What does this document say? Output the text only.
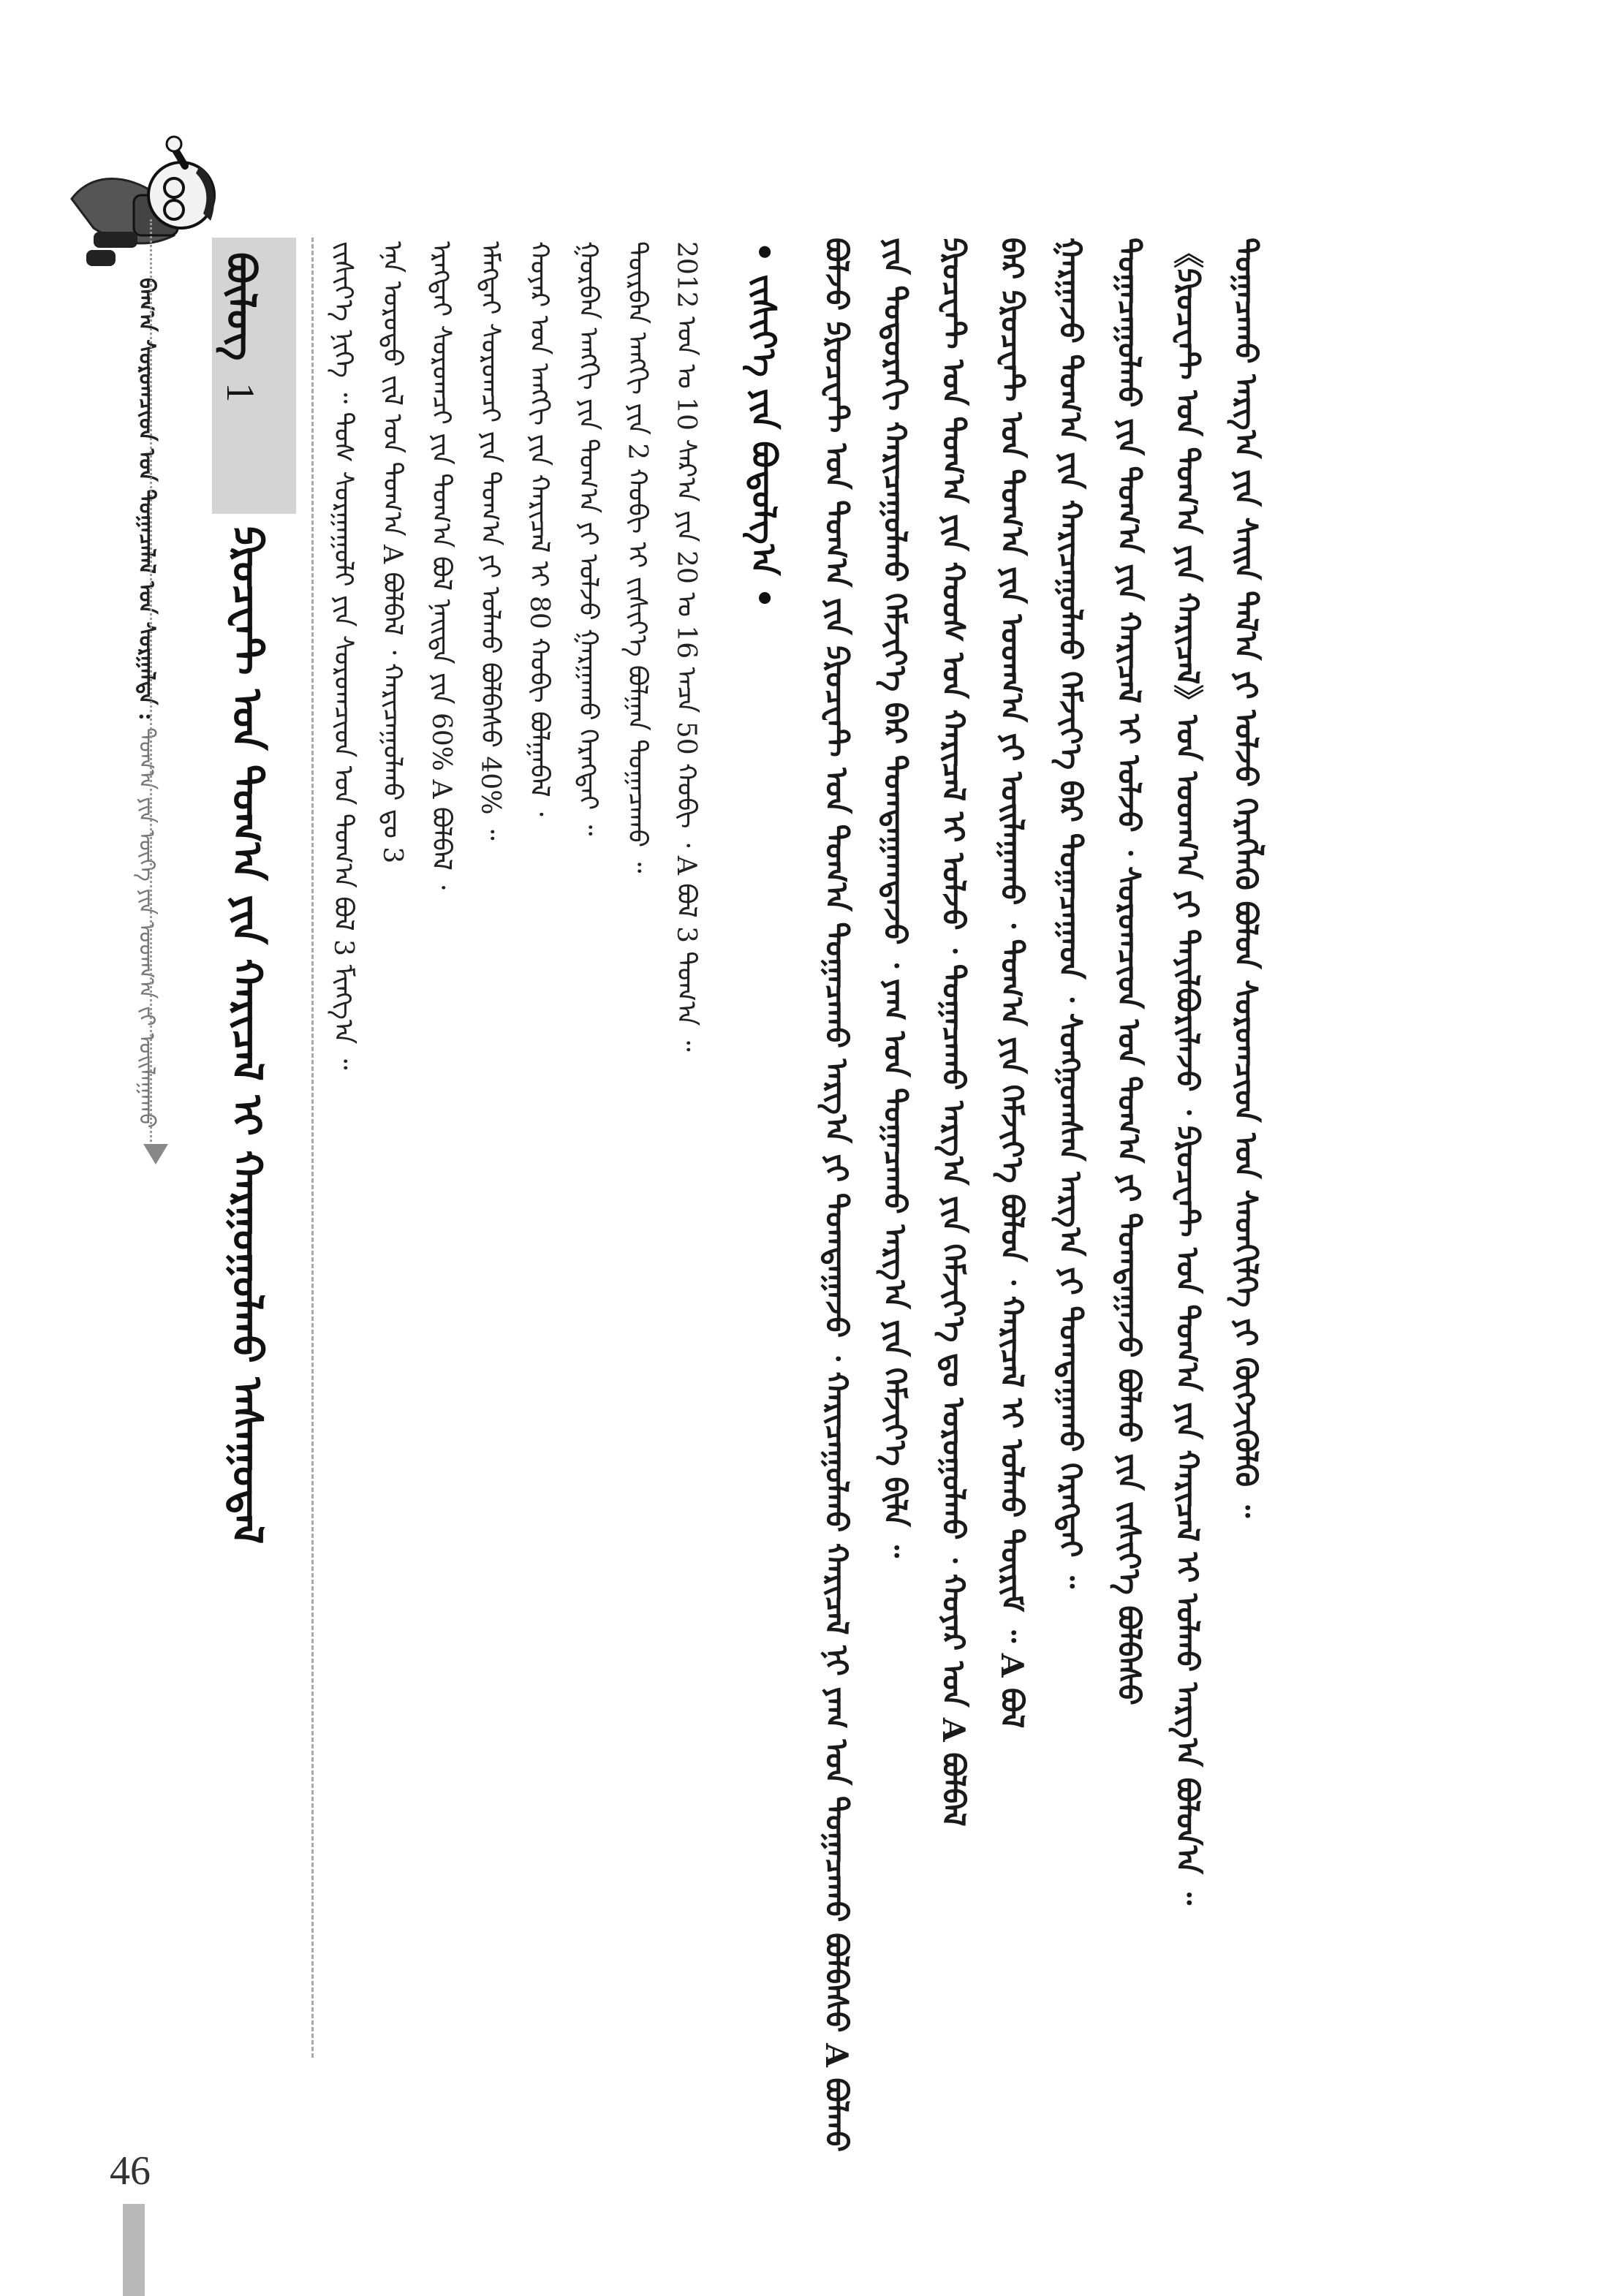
ᠪᠠᠭ᠎ᠠ ᠰᠤᠷᠤᠭᠴᠢᠳ ᠤᠨ ᠲᠤᠭᠠᠴᠠᠯᠠᠯ ᠤᠨ ᠰᠤᠷᠭᠠᠯᠲᠠ : ᠲᠤᠭ᠎ᠠ ᠶᠢᠨ ᠦᠭᠡ ᠶᠢᠨ ᠤᠳᠬ᠎ᠠ ᠵᠢ ᠣᠢᠯᠠᠭᠠᠬᠤ
ᠪᠦᠯᠦᠭ1
ᠫᠷᠤᠴᠧᠨᠲ ᠤᠨ ᠲᠣᠭ᠎ᠠ ᠶᠢᠨ ᠬᠠᠷᠢᠴᠠᠯ ᠢ ᠬᠠᠷᠭᠤᠭᠤᠯᠬᠤ ᠠᠰᠠᠭᠤᠳᠠᠯ	ᠵᠢᠱᠢᠶ᠎ᠡ ᠨᠢᠭᠡ ᠃ ᠲᠤᠰ ᠰᠤᠷᠭᠠᠭᠤᠯᠢ ᠶᠢᠨ ᠰᠤᠷᠤᠭᠴᠢᠳ ᠤᠨ ᠲᠣᠭ᠎ᠠ ᠪᠣᠯ 3 ᠮᠢᠩᠭ᠎ᠠ ᠃ ᠡᠨᠡ ᠤᠷᠤᠳᠤ ᠵᠢᠯ ᠤᠨ ᠲᠣᠭ᠎ᠠ A ᠪᠣᠯᠪᠠᠯ ᠂ ᠬᠠᠷᠢᠴᠠᠭᠤᠯᠬᠤ ᠳᠤ 3 ᠡᠷᠡᠭᠲᠡᠢ ᠰᠤᠷᠤᠭᠴᠢ ᠶᠢᠨ ᠲᠣᠭ᠎ᠠ ᠪᠣᠯ ᠨᠡᠢᠲᠡ ᠶᠢᠨ 60% A ᠪᠣᠯᠪᠠᠯ ᠂ ᠡᠮᠡᠭᠲᠡᠢ ᠰᠤᠷᠤᠭᠴᠢ ᠶᠢᠨ ᠲᠣᠭ᠎ᠠ ᠶᠢ ᠣᠯᠬᠤ ᠪᠣᠯᠪᠠᠰᠤ 40% ᠃ ᠬᠣᠶᠠᠷ ᠤᠨ ᠠᠩᠬᠢ ᠶᠢᠨ ᠬᠠᠷᠢᠴᠠᠯ ᠢ 80 ᠬᠤᠪᠢ ᠪᠣᠯᠭᠠᠪᠠᠯ ᠂ ᠭᠤᠷᠪᠠᠨ ᠠᠩᠬᠢ ᠶᠢᠨ ᠲᠣᠭ᠎ᠠ ᠶᠢ ᠣᠯᠵᠤ ᠭᠠᠷᠭᠠᠬᠤ ᠬᠡᠷᠡᠭᠲᠡᠢ ᠃ ᠳᠥᠷᠪᠡᠨ ᠠᠩᠬᠢ ᠶᠢᠨ 2 ᠬᠤᠪᠢ ᠢ ᠵᠢᠱᠢᠶ᠎ᠡ ᠪᠣᠯᠭᠠᠨ ᠲᠣᠭᠠᠴᠠᠬᠤ ᠃ 2012 ᠣᠨ ᠤ 10 ᠰᠠᠷ᠎ᠠ ᠶᠢᠨ 20 ᠤ 16 ᠠᠴᠠ 50 ᠬᠤᠪᠢ ᠂ A ᠪᠣᠯ 3 ᠲᠣᠭ᠎ᠠ ᠃	• ᠵᠢᠱᠢᠶ᠎ᠡ ᠶᠢᠨ ᠪᠤᠳᠤᠯᠭ᠎ᠠ •	ᠪᠣᠯᠵᠤ ᠫᠷᠤᠴᠧᠨᠲ ᠤᠨ ᠲᠣᠭ᠎ᠠ ᠶᠢᠨ ᠫᠷᠤᠴᠧᠨᠲ ᠤᠨ ᠲᠣᠭ᠎ᠠ ᠲᠣᠭᠠᠴᠠᠬᠤ ᠠᠷᠭ᠎ᠠ ᠶᠢ ᠲᠣᠭᠲᠠᠭᠠᠵᠤ ᠂ ᠬᠠᠷᠢᠴᠠᠭᠤᠯᠬᠤ ᠬᠠᠷᠢᠴᠠᠯ ᠨᠢ ᠶᠠᠭ ᠤᠨ ᠲᠣᠭᠠᠴᠠᠬᠤ ᠪᠣᠯᠪᠠᠰᠤ A ᠪᠣᠯᠬᠤ ᠶᠢᠨ ᠳᠣᠲᠣᠷᠠᠬᠢ ᠬᠠᠷᠢᠴᠠᠭᠤᠯᠬᠤ ᠬᠡᠮᠵᠢᠶ᠎ᠡ ᠪᠠᠷ ᠲᠣᠭᠲᠠᠭᠠᠭᠳᠠᠵᠤ ᠂ ᠶᠠᠭ ᠤᠨ ᠲᠣᠭᠠᠴᠠᠬᠤ ᠠᠷᠭ᠎ᠠ ᠶᠢᠨ ᠬᠡᠮᠵᠢᠶ᠎ᠡ ᠪᠢᠯᠡ ᠃ ᠫᠷᠤᠴᠧᠨᠲ ᠤᠨ ᠲᠣᠭ᠎ᠠ ᠶᠢᠨ ᠬᠣᠣᠰ ᠤᠨ ᠬᠠᠷᠢᠴᠠᠯ ᠢ ᠣᠯᠵᠤ ᠂ ᠲᠣᠭᠠᠴᠠᠬᠤ ᠠᠷᠭ᠎ᠠ ᠶᠢᠨ ᠬᠡᠮᠵᠢᠶ᠎ᠡ ᠳᠤ ᠣᠷᠣᠭᠤᠯᠬᠤ ᠂ ᠬᠣᠶᠠᠷ ᠤᠨ A ᠪᠣᠯᠪᠠᠯ ᠪᠠᠷ ᠫᠷᠤᠴᠧᠨᠲ ᠤᠨ ᠲᠣᠭ᠎ᠠ ᠶᠢᠨ ᠤᠳᠬ᠎ᠠ ᠶᠢ ᠣᠢᠯᠠᠭᠠᠬᠤ ᠂ ᠲᠣᠭ᠎ᠠ ᠶᠢᠨ ᠬᠡᠮᠵᠢᠶ᠎ᠡ ᠪᠣᠯᠤᠨ ᠂ ᠬᠠᠷᠢᠴᠠᠯ ᠢ ᠣᠯᠬᠤ ᠳᠦᠷᠢᠮ ᠃ A ᠪᠣᠯ ᠭᠠᠷᠭᠠᠵᠤ ᠲᠣᠭ᠎ᠠ ᠶᠢᠨ ᠬᠠᠷᠢᠴᠠᠭᠤᠯᠬᠤ ᠬᠡᠮᠵᠢᠶ᠎ᠡ ᠪᠠᠷ ᠲᠣᠭᠠᠴᠠᠭᠠᠳ ᠂ ᠰᠣᠩᠭᠣᠭᠰᠠᠨ ᠠᠷᠭ᠎ᠠ ᠶᠢ ᠲᠣᠭᠲᠠᠭᠠᠬᠤ ᠬᠡᠷᠡᠭᠲᠡᠢ ᠃ ᠲᠣᠭᠠᠴᠠᠭᠤᠯᠬᠤ ᠶᠢᠨ ᠲᠣᠭ᠎ᠠ ᠶᠢᠨ ᠬᠠᠷᠢᠴᠠᠯ ᠢ ᠣᠯᠵᠤ ᠂ ᠰᠤᠷᠤᠭᠴᠢᠳ ᠤᠨ ᠲᠣᠭ᠎ᠠ ᠶᠢ ᠲᠣᠭᠲᠠᠭᠠᠵᠤ ᠪᠣᠯᠬᠤ ᠶᠢᠨ ᠵᠢᠱᠢᠶ᠎ᠡ ᠪᠣᠯᠪᠠᠰᠤ 《ᠫᠷᠤᠴᠧᠨᠲ ᠤᠨ ᠲᠣᠭ᠎ᠠ ᠶᠢᠨ ᠬᠠᠷᠢᠴᠠᠯ》ᠤᠨ ᠤᠳᠬ᠎ᠠ ᠶᠢ ᠲᠠᠶᠢᠯᠪᠤᠷᠢᠯᠠᠵᠤ ᠂ ᠫᠷᠤᠴᠧᠨᠲ ᠤᠨ ᠲᠣᠭ᠎ᠠ ᠶᠢᠨ ᠬᠠᠷᠢᠴᠠᠯ ᠢ ᠣᠯᠬᠤ ᠠᠷᠭ᠎ᠠ ᠪᠣᠯᠤᠨ᠎ᠠ ᠃ ᠲᠣᠭᠠᠴᠠᠬᠤ ᠠᠷᠭ᠎ᠠ ᠶᠢᠨ ᠰᠠᠢᠨ ᠲᠠᠯ᠎ᠠ ᠶᠢ ᠣᠯᠵᠤ ᠬᠡᠷᠡᠭᠯᠡᠬᠦ ᠪᠣᠯᠤᠨ ᠰᠤᠷᠤᠭᠴᠢᠳ ᠤᠨ ᠰᠡᠳᠬᠢᠯᠭᠡ ᠶᠢ ᠬᠥᠭᠵᠢᠭᠦᠯᠬᠦ ᠃
46
